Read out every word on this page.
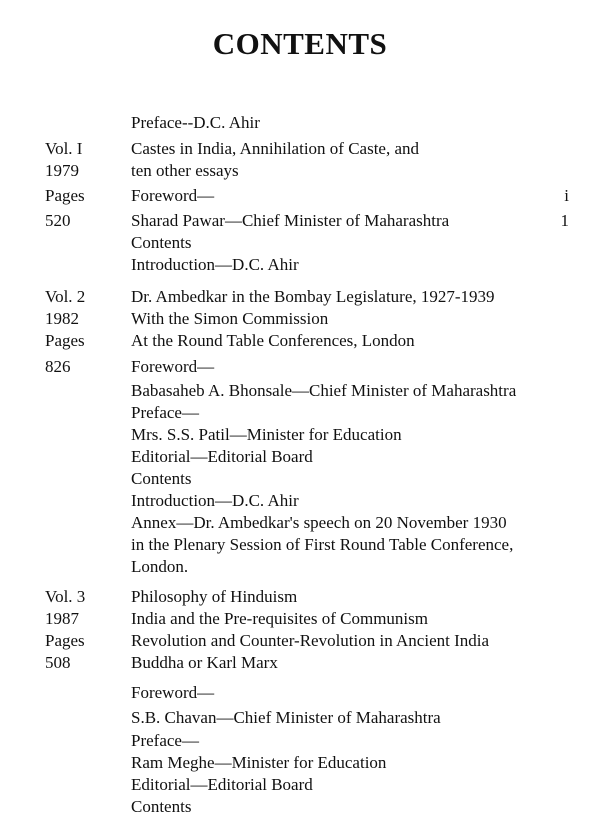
CONTENTS
Preface--D.C. Ahir
Vol. I
1979
Pages
520
Castes in India, Annihilation of Caste, and
ten other essays
Foreword—
Sharad Pawar—Chief Minister of Maharashtra
Contents
Introduction—D.C. Ahir
i
1
Vol. 2
1982
Pages
826
Dr. Ambedkar in the Bombay Legislature, 1927-1939
With the Simon Commission
At the Round Table Conferences, London
Foreword—
Babasaheb A. Bhonsale—Chief Minister of Maharashtra
Preface—
Mrs. S.S. Patil—Minister for Education
Editorial—Editorial Board
Contents
Introduction—D.C. Ahir
Annex—Dr. Ambedkar's speech on 20 November 1930
in the Plenary Session of First Round Table Conference,
London.
Vol. 3
1987
Pages
508
Philosophy of Hinduism
India and the Pre-requisites of Communism
Revolution and Counter-Revolution in Ancient India
Buddha or Karl Marx
Foreword—
S.B. Chavan—Chief Minister of Maharashtra
Preface—
Ram Meghe—Minister for Education
Editorial—Editorial Board
Contents
